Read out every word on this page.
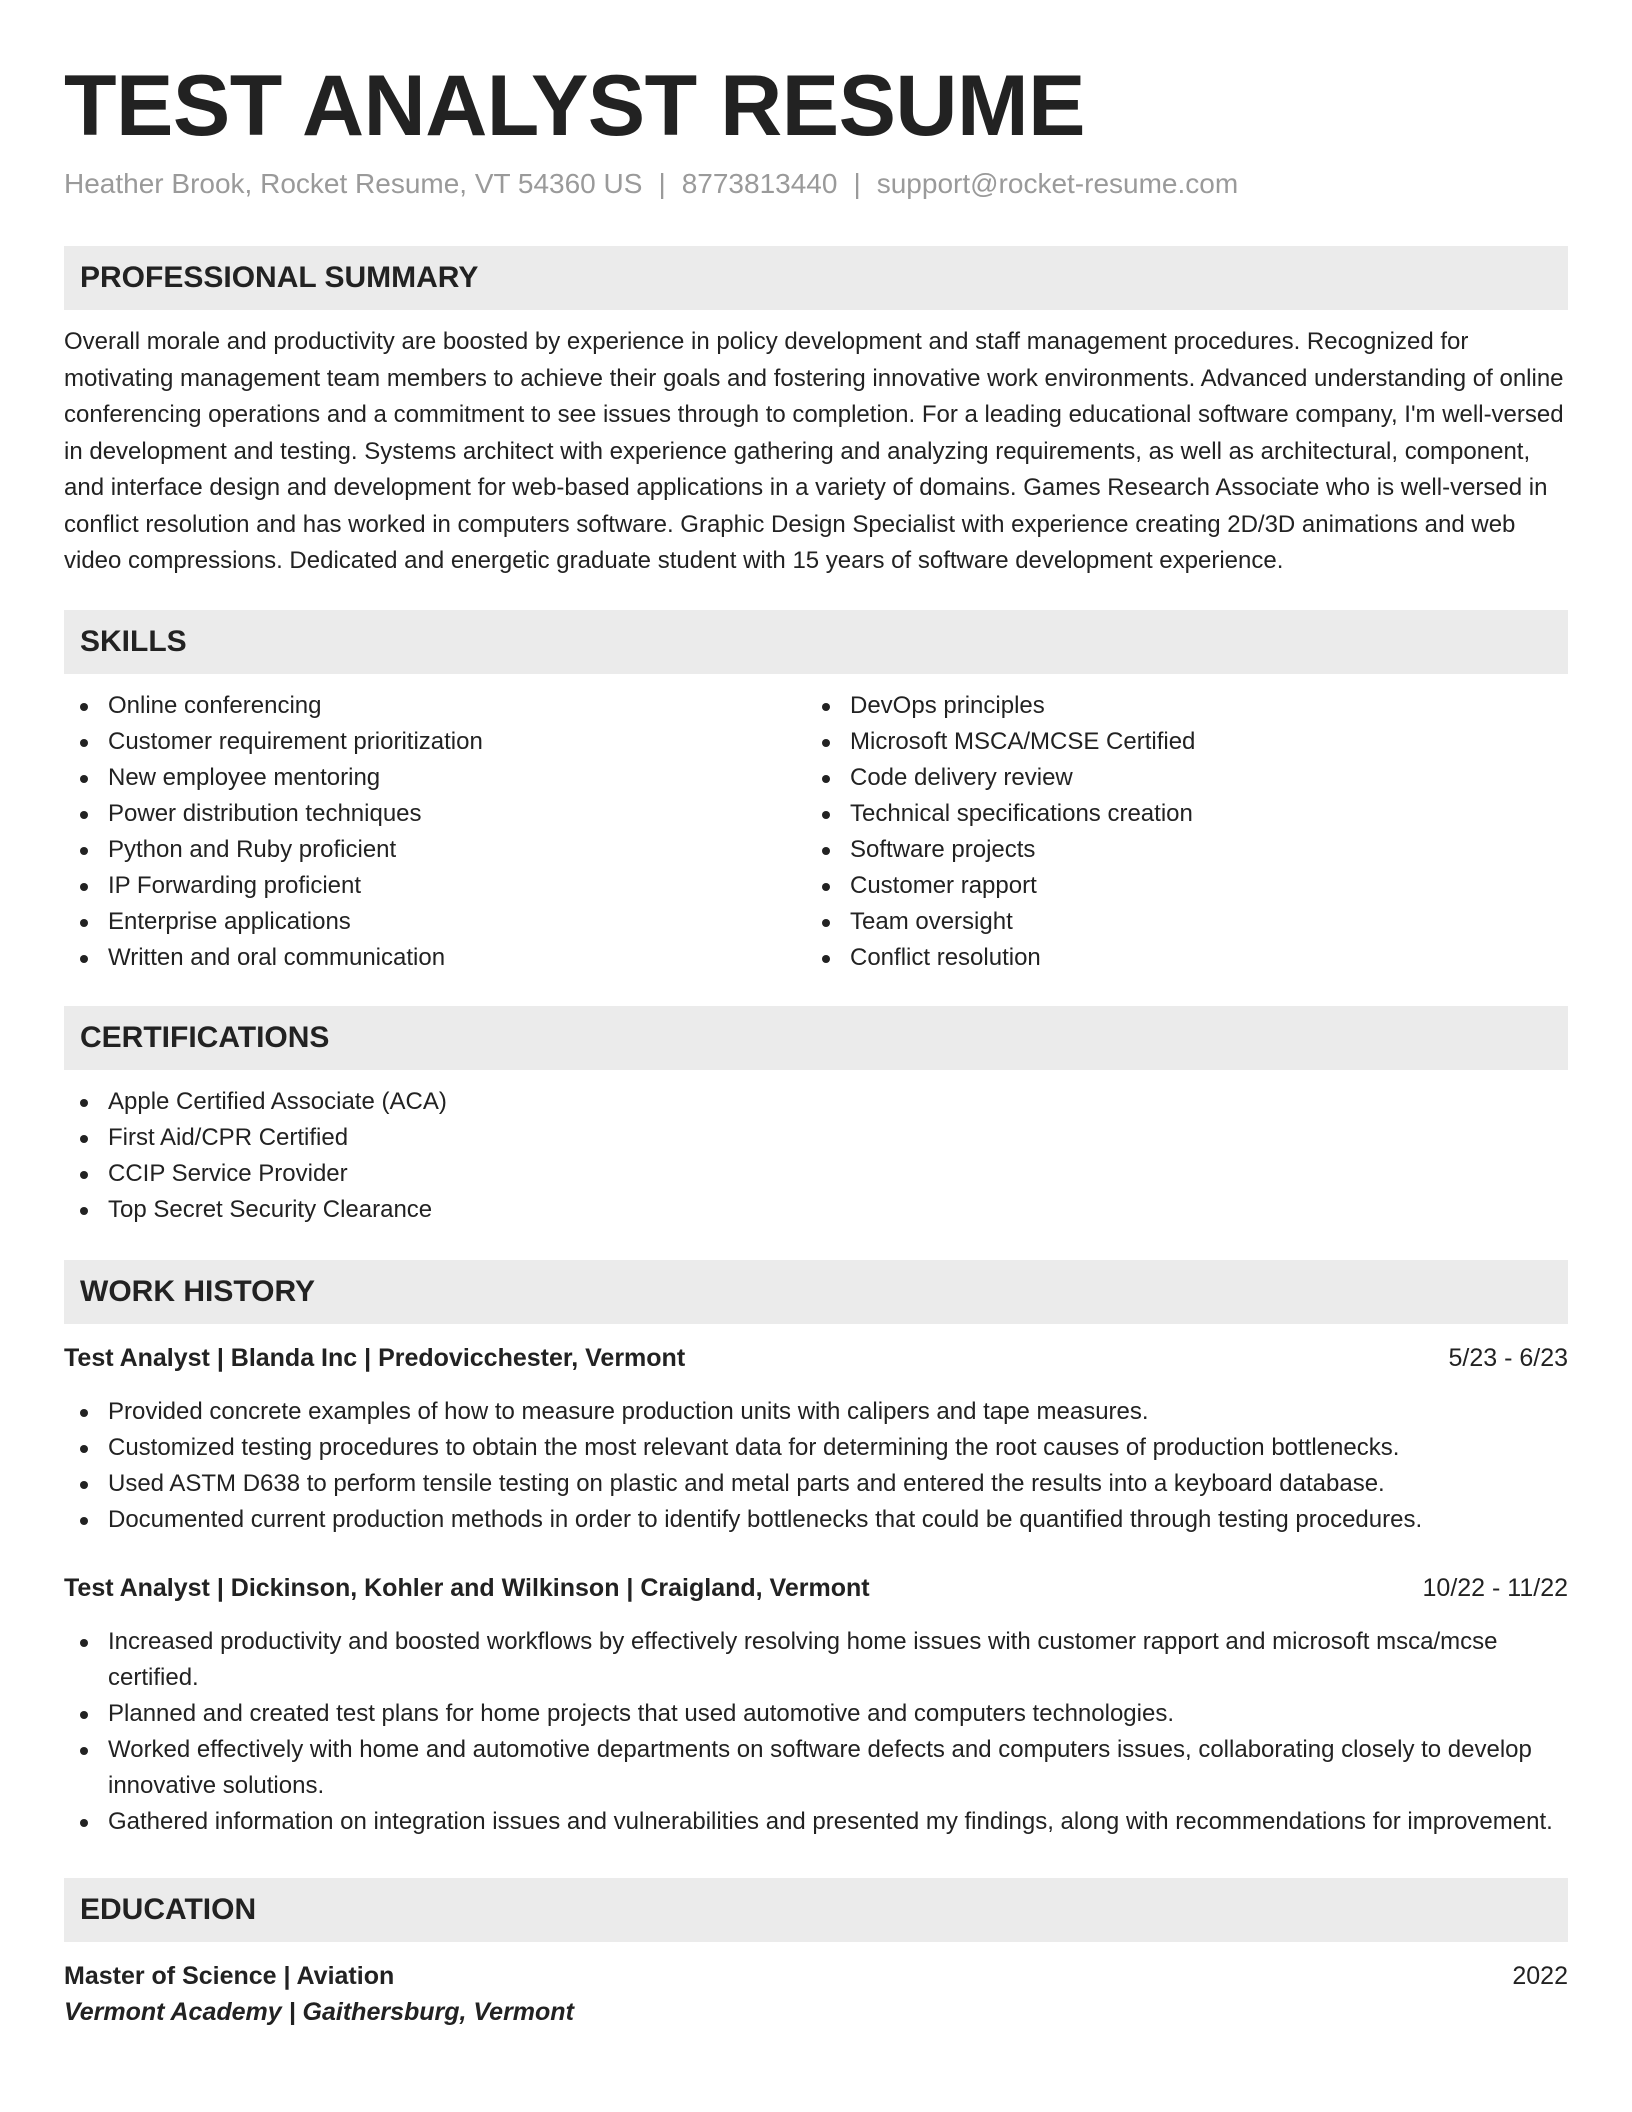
TEST ANALYST RESUME
Heather Brook, Rocket Resume, VT 54360 US | 8773813440 | support@rocket-resume.com
PROFESSIONAL SUMMARY
Overall morale and productivity are boosted by experience in policy development and staff management procedures. Recognized for motivating management team members to achieve their goals and fostering innovative work environments. Advanced understanding of online conferencing operations and a commitment to see issues through to completion. For a leading educational software company, I'm well-versed in development and testing. Systems architect with experience gathering and analyzing requirements, as well as architectural, component, and interface design and development for web-based applications in a variety of domains. Games Research Associate who is well-versed in conflict resolution and has worked in computers software. Graphic Design Specialist with experience creating 2D/3D animations and web video compressions. Dedicated and energetic graduate student with 15 years of software development experience.
SKILLS
Online conferencing
Customer requirement prioritization
New employee mentoring
Power distribution techniques
Python and Ruby proficient
IP Forwarding proficient
Enterprise applications
Written and oral communication
DevOps principles
Microsoft MSCA/MCSE Certified
Code delivery review
Technical specifications creation
Software projects
Customer rapport
Team oversight
Conflict resolution
CERTIFICATIONS
Apple Certified Associate (ACA)
First Aid/CPR Certified
CCIP Service Provider
Top Secret Security Clearance
WORK HISTORY
Test Analyst | Blanda Inc | Predovicchester, Vermont	5/23 - 6/23
Provided concrete examples of how to measure production units with calipers and tape measures.
Customized testing procedures to obtain the most relevant data for determining the root causes of production bottlenecks.
Used ASTM D638 to perform tensile testing on plastic and metal parts and entered the results into a keyboard database.
Documented current production methods in order to identify bottlenecks that could be quantified through testing procedures.
Test Analyst | Dickinson, Kohler and Wilkinson | Craigland, Vermont	10/22 - 11/22
Increased productivity and boosted workflows by effectively resolving home issues with customer rapport and microsoft msca/mcse certified.
Planned and created test plans for home projects that used automotive and computers technologies.
Worked effectively with home and automotive departments on software defects and computers issues, collaborating closely to develop innovative solutions.
Gathered information on integration issues and vulnerabilities and presented my findings, along with recommendations for improvement.
EDUCATION
Master of Science | Aviation	2022
Vermont Academy | Gaithersburg, Vermont
